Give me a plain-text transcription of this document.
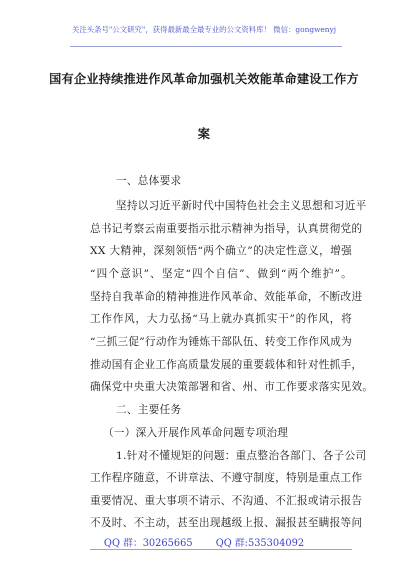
关注头条号"公文研究"，获得最新最全最专业的公文资料库！ 微信：gongwenyj
国有企业持续推进作风革命加强机关效能革命建设工作方
案
一、总体要求
坚持以习近平新时代中国特色社会主义思想和习近平
总书记考察云南重要指示批示精神为指导，认真贯彻党的
XX 大精神，深刻领悟“两个确立”的决定性意义，增强
“四个意识”、坚定“四个自信”、做到“两个维护”。
坚持自我革命的精神推进作风革命、效能革命，不断改进
工作作风，大力弘扬“马上就办真抓实干”的作风，将
“三抓三促”行动作为锤炼干部队伍、转变工作作风成为
推动国有企业工作高质量发展的重要载体和针对性抓手，
确保党中央重大决策部署和省、州、市工作要求落实见效。
二、主要任务
（一）深入开展作风革命问题专项治理
1.针对不懂规矩的问题：重点整治各部门、各子公司
工作程序随意，不讲章法、不遵守制度，特别是重点工作
重要情况、重大事项不请示、不沟通、不汇报或请示报告
不及时、不主动，甚至出现越级上报、漏报甚至瞒报等问
QQ 群：30265665 QQ 群:535304092
